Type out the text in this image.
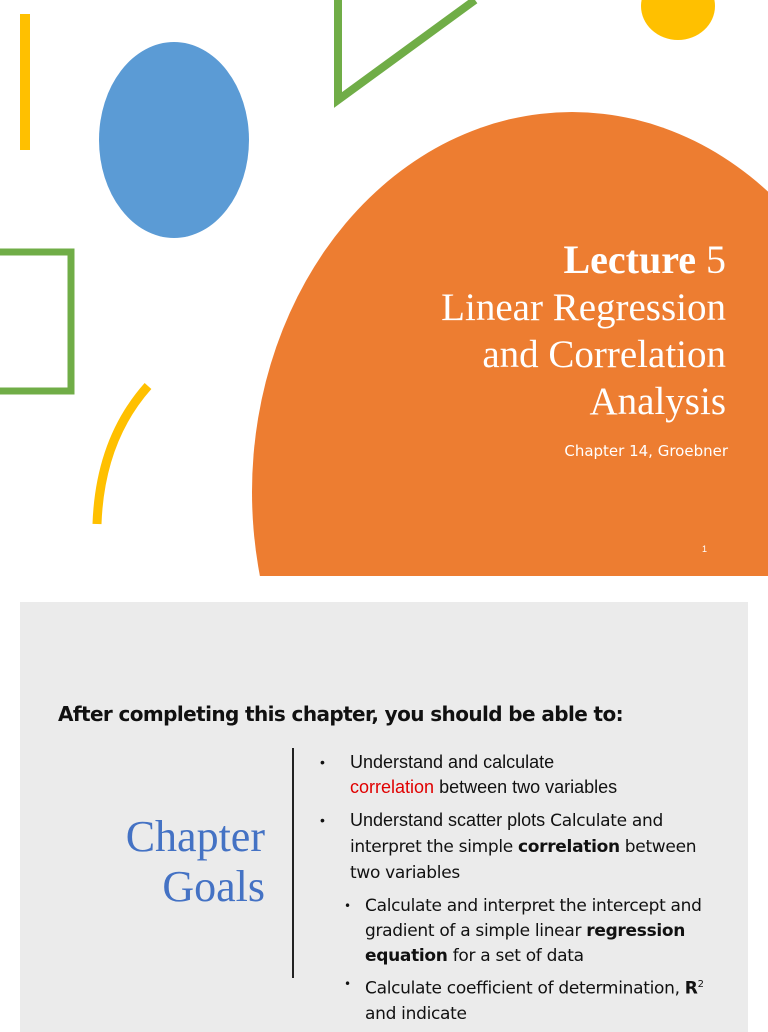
Lecture 5
Linear Regression
and Correlation
Analysis
Chapter 14, Groebner
1
After completing this chapter, you should be able to:
Chapter
Goals
• Understand and calculate
correlation between two variables
• Understand scatter plots Calculate and interpret the simple correlation between two variables
• Calculate and interpret the intercept and gradient of a simple linear regression equation for a set of data
• Calculate coefficient of determination, $R^2$ and indicate
